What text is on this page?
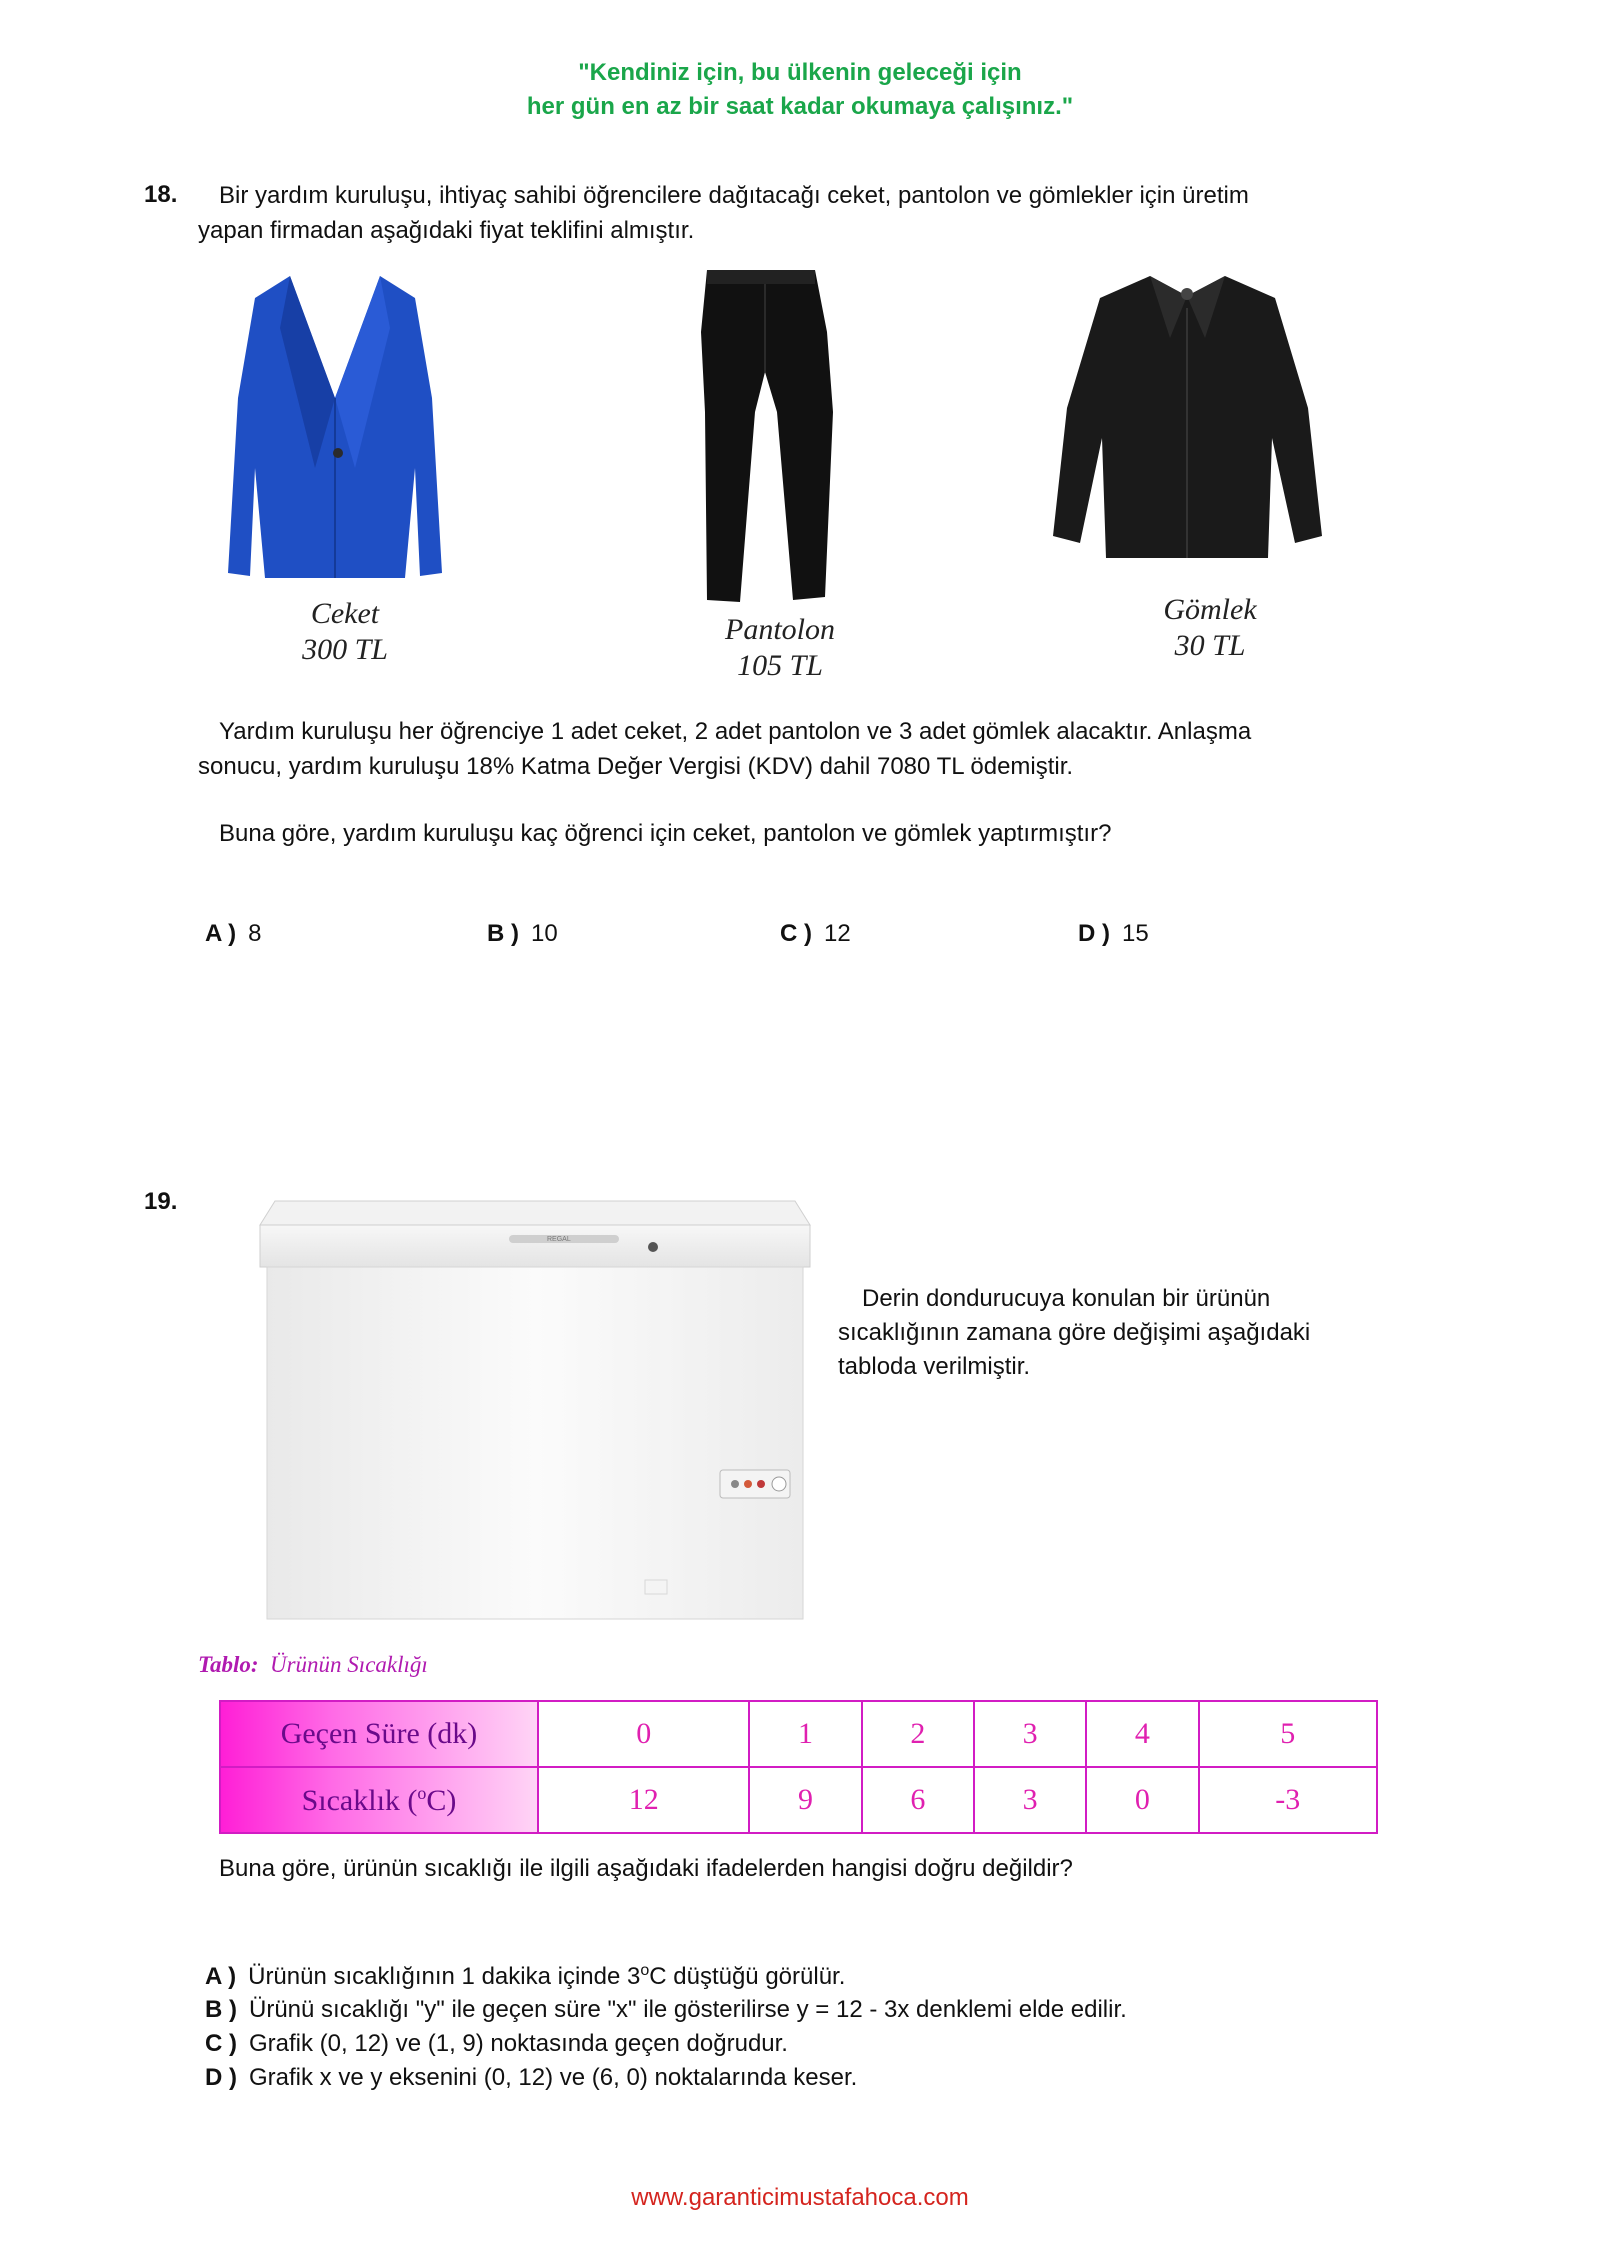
"Kendiniz için, bu ülkenin geleceği için
her gün en az bir saat kadar okumaya çalışınız."
18. Bir yardım kuruluşu, ihtiyaç sahibi öğrencilere dağıtacağı ceket, pantolon ve gömlekler için üretim
yapan firmadan aşağıdaki fiyat teklifini almıştır.
Ceket
300 TL
Pantolon
105 TL
Gömlek
30 TL
Yardım kuruluşu her öğrenciye 1 adet ceket, 2 adet pantolon ve 3 adet gömlek alacaktır. Anlaşma
sonucu, yardım kuruluşu 18% Katma Değer Vergisi (KDV) dahil 7080 TL ödemiştir.
Buna göre, yardım kuruluşu kaç öğrenci için ceket, pantolon ve gömlek yaptırmıştır?
A ) 8	B ) 10	C ) 12	D ) 15
19.
REGAL
Derin dondurucuya konulan bir ürünün
sıcaklığının zamana göre değişimi aşağıdaki
tabloda verilmiştir.
Tablo: Ürünün Sıcaklığı
Geçen Süre (dk)	0	1	2	3	4	5
Sıcaklık ($^o$C)	12	9	6	3	0	-3
Buna göre, ürünün sıcaklığı ile ilgili aşağıdaki ifadelerden hangisi doğru değildir?
A ) Ürünün sıcaklığının 1 dakika içinde 3$^o$C düştüğü görülür.
B ) Ürünü sıcaklığı "y" ile geçen süre "x" ile gösterilirse y = 12 - 3x denklemi elde edilir.
C ) Grafik (0, 12) ve (1, 9) noktasında geçen doğrudur.
D ) Grafik x ve y eksenini (0, 12) ve (6, 0) noktalarında keser.
www.garanticimustafahoca.com
